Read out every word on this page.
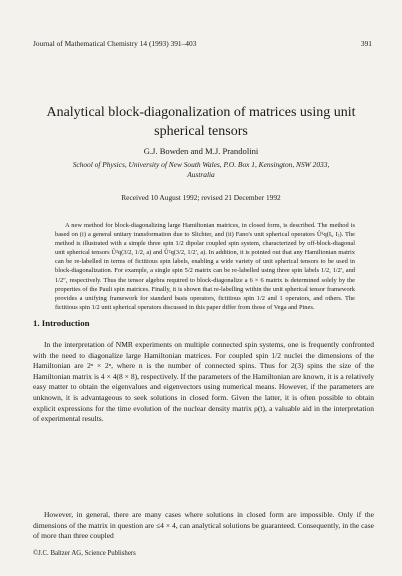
Journal of Mathematical Chemistry 14 (1993) 391–403	391
Analytical block-diagonalization of matrices using unit spherical tensors
G.J. Bowden and M.J. Prandolini
School of Physics, University of New South Wales, P.O. Box 1, Kensington, NSW 2033, Australia
Received 10 August 1992; revised 21 December 1992
A new method for block-diagonalizing large Hamiltonian matrices, in closed form, is described. The method is based on (i) a general unitary transformation due to Slichter, and (ii) Fano's unit spherical operators Ûᵏq(Iᵢ, Iⱼ). The method is illustrated with a simple three spin 1/2 dipolar coupled spin system, characterized by off-block-diagonal unit spherical tensors Û²q(3/2, 1/2, a) and Û²q(3/2, 1/2′, a). In addition, it is pointed out that any Hamiltonian matrix can be re-labelled in terms of fictitious spin labels, enabling a wide variety of unit spherical tensors to be used in block-diagonalization. For example, a single spin 5/2 matrix can be re-labelled using three spin labels 1/2, 1/2′, and 1/2″, respectively. Thus the tensor algebra required to block-diagonalize a 6 × 6 matrix is determined solely by the properties of the Pauli spin matrices. Finally, it is shown that re-labelling within the unit spherical tensor framework provides a unifying framework for standard basis operators, fictitious spin 1/2 and 1 operators, and others. The fictitious spin 1/2 unit spherical operators discussed in this paper differ from those of Vega and Pines.
1. Introduction
In the interpretation of NMR experiments on multiple connected spin systems, one is frequently confronted with the need to diagonalize large Hamiltonian matrices. For coupled spin 1/2 nuclei the dimensions of the Hamiltonian are 2ⁿ × 2ⁿ, where n is the number of connected spins. Thus for 2(3) spins the size of the Hamiltonian matrix is 4 × 4(8 × 8), respectively. If the parameters of the Hamiltonian are known, it is a relatively easy matter to obtain the eigenvalues and eigenvectors using numerical means. However, if the parameters are unknown, it is advantageous to seek solutions in closed form. Given the latter, it is often possible to obtain explicit expressions for the time evolution of the nuclear density matrix ρ(t), a valuable aid in the interpretation of experimental results.
However, in general, there are many cases where solutions in closed form are impossible. Only if the dimensions of the matrix in question are ≤4 × 4, can analytical solutions be guaranteed. Consequently, in the case of more than three coupled
©J.C. Baltzer AG, Science Publishers
